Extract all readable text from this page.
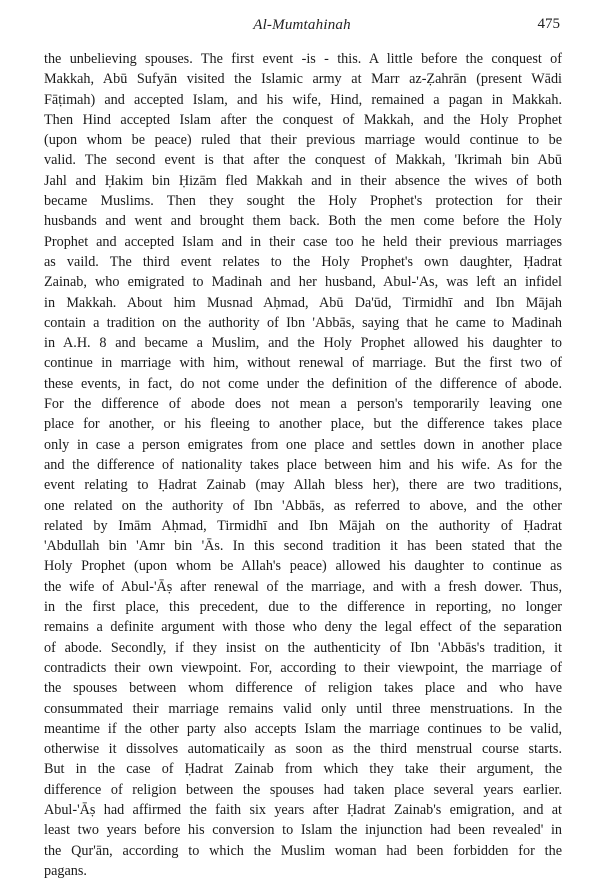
Al-Mumtahinah	475
the unbelieving spouses. The first event -is - this. A little before the conquest of
Makkah, Abū Sufyān visited the Islamic army at Marr az-Ẓahrān (present Wādi
Fāṭimah) and accepted Islam, and his wife, Hind, remained a pagan in Makkah.
Then Hind accepted Islam after the conquest of Makkah, and the Holy Prophet
(upon whom be peace) ruled that their previous marriage would continue to be
valid. The second event is that after the conquest of Makkah, 'Ikrimah bin Abū
Jahl and Ḥakim bin Ḥizām fled Makkah and in their absence the wives of both
became Muslims. Then they sought the Holy Prophet's protection for their
husbands and went and brought them back. Both the men come before the Holy
Prophet and accepted Islam and in their case too he held their previous marriages
as vaild. The third event relates to the Holy Prophet's own daughter, Ḥadrat
Zainab, who emigrated to Madinah and her husband, Abul-'As, was left an infidel
in Makkah. About him Musnad Aḥmad, Abū Da'ūd, Tirmidhī and Ibn Mājah
contain a tradition on the authority of Ibn 'Abbās, saying that he came to Madinah
in A.H. 8 and became a Muslim, and the Holy Prophet allowed his daughter to
continue in marriage with him, without renewal of marriage. But the first two of
these events, in fact, do not come under the definition of the difference of abode.
For the difference of abode does not mean a person's temporarily leaving one
place for another, or his fleeing to another place, but the difference takes place
only in case a person emigrates from one place and settles down in another place
and the difference of nationality takes place between him and his wife. As for the
event relating to Ḥadrat Zainab (may Allah bless her), there are two traditions,
one related on the authority of Ibn 'Abbās, as referred to above, and the other
related by Imām Aḥmad, Tirmidhī and Ibn Mājah on the authority of Ḥadrat
'Abdullah bin 'Amr bin 'Ās. In this second tradition it has been stated that the
Holy Prophet (upon whom be Allah's peace) allowed his daughter to continue as
the wife of Abul-'Āṣ after renewal of the marriage, and with a fresh dower. Thus,
in the first place, this precedent, due to the difference in reporting, no longer
remains a definite argument with those who deny the legal effect of the separation
of abode. Secondly, if they insist on the authenticity of Ibn 'Abbās's tradition, it
contradicts their own viewpoint. For, according to their viewpoint, the marriage of
the spouses between whom difference of religion takes place and who have
consummated their marriage remains valid only until three menstruations. In the
meantime if the other party also accepts Islam the marriage continues to be valid,
otherwise it dissolves automaticaily as soon as the third menstrual course starts.
But in the case of Ḥadrat Zainab from which they take their argument, the
difference of religion between the spouses had taken place several years earlier.
Abul-'Āṣ had affirmed the faith six years after Ḥadrat Zainab's emigration, and at
least two years before his conversion to Islam the injunction had been revealed' in
the Qur'ān, according to which the Muslim woman had been forbidden for the
pagans.
